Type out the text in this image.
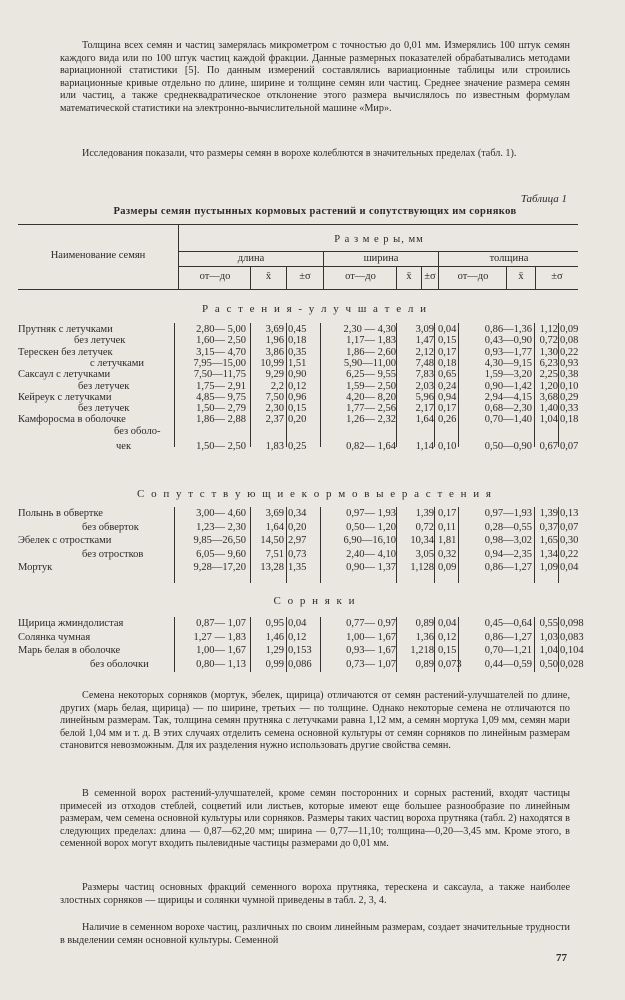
Толщина всех семян и частиц замерялась микрометром с точностью до 0,01 мм. Измерялись 100 штук семян каждого вида или по 100 штук частиц каждой фракции. Данные размерных показателей обрабатывались методами вариационной статистики [5]. По данным измерений составлялись вариационные таблицы или строились вариационные кривые отдельно по длине, ширине и толщине семян или частиц. Среднее значение размера семян или частиц, а также среднеквадратическое отклонение этого размера вычислялось по известным формулам математической статистики на электронно-вычислительной машине «Мир».

Исследования показали, что размеры семян в ворохе колеблются в значительных пределах (табл. 1).

Таблица 1
Размеры семян пустынных кормовых растений и сопутствующих им сорняков
Наименование семян
Р а з м е р ы, мм
длина	ширина	толщина
от—до	x̄	±σ	от—до	x̄	±σ	от—до	x̄	±σ
Р а с т е н и я - у л у ч ш а т е л и
С о п у т с т в у ю щ и е к о р м о в ы е р а с т е н и я
С о р н я к и
Прутняк с летучками	2,80— 5,00	3,69 0,45	2,30 — 4,30	3,09 0,04	0,86—1,36 1,12 0,09
без летучек	1,60— 2,50	1,96 0,18	1,17— 1,83	1,47 0,15	0,43—0,90 0,72 0,08
Терескен без летучек	3,15— 4,70	3,86 0,35	1,86— 2,60	2,12 0,17	0,93—1,77 1,30 0,22
с летучками	7,95—15,00	10,99 1,51	5,90—11,00	7,48 0,18	4,30—9,15 6,23 0,93
Саксаул с летучками	7,50—11,75	9,29 0,90	6,25— 9,55	7,83 0,65	1,59—3,20 2,25 0,38
без летучек	1,75— 2,91	2,2 0,12	1,59— 2,50	2,03 0,24	0,90—1,42 1,20 0,10
Кейреук с летучками	4,85— 9,75	7,50 0,96	4,20— 8,20	5,96 0,94	2,94—4,15 3,68 0,29
без летучек	1,50— 2,79	2,30 0,15	1,77— 2,56	2,17 0,17	0,68—2,30 1,40 0,33
Камфоросма в оболочке	1,86— 2,88	2,37 0,20	1,26— 2,32	1,64 0,26	0,70—1,40 1,04 0,18
без оболо-
чек	1,50— 2,50	1,83 0,25	0,82— 1,64	1,14 0,10	0,50—0,90 0,67 0,07
Полынь в обвертке	3,00— 4,60	3,69 0,34	0,97— 1,93	1,39 0,17	0,97—1,93 1,39 0,13
без обверток	1,23— 2,30	1,64 0,20	0,50— 1,20	0,72 0,11	0,28—0,55 0,37 0,07
Эбелек с отростками	9,85—26,50	14,50 2,97	6,90—16,10	10,34 1,81	0,98—3,02 1,65 0,30
без отростков	6,05— 9,60	7,51 0,73	2,40— 4,10	3,05 0,32	0,94—2,35 1,34 0,22
Мортук	9,28—17,20	13,28 1,35	0,90— 1,37	1,128 0,09	0,86—1,27 1,09 0,04
Щирица жминдолистая	0,87— 1,07	0,95 0,04	0,77— 0,97	0,89 0,04	0,45—0,64 0,55 0,098
Солянка чумная	1,27 — 1,83	1,46 0,12	1,00— 1,67	1,36 0,12	0,86—1,27 1,03 0,083
Марь белая в оболочке	1,00— 1,67	1,29 0,153	0,93— 1,67	1,218 0,15	0,70—1,21 1,04 0,104
без оболочки	0,80— 1,13	0,99 0,086	0,73— 1,07	0,89 0,073	0,44—0,59 0,50 0,028

Семена некоторых сорняков (мортук, эбелек, щирица) отличаются от семян растений-улучшателей по длине, других (марь белая, щирица) — по ширине, третьих — по толщине. Однако некоторые семена не отличаются по линейным размерам. Так, толщина семян прутняка с летучками равна 1,12 мм, а семян мортука 1,09 мм, семян мари белой 1,04 мм и т. д. В этих случаях отделить семена основной культуры от семян сорняков по линейным размерам становится невозможным. Для их разделения нужно использовать другие свойства семян.

В семенной ворох растений-улучшателей, кроме семян посторонних и сорных растений, входят частицы примесей из отходов стеблей, соцветий или листьев, которые имеют еще большее разнообразие по линейным размерам, чем семена основной культуры или сорняков. Размеры таких частиц вороха прутняка (табл. 2) находятся в следующих пределах: длина — 0,87—62,20 мм; ширина — 0,77—11,10; толщина—0,20—3,45 мм. Кроме этого, в семенной ворох могут входить пылевидные частицы размерами до 0,01 мм.

Размеры частиц основных фракций семенного вороха прутняка, терескена и саксаула, а также наиболее злостных сорняков — щирицы и солянки чумной приведены в табл. 2, 3, 4.

Наличие в семенном ворохе частиц, различных по своим линейным размерам, создает значительные трудности в выделении семян основной культуры. Семенной

77
